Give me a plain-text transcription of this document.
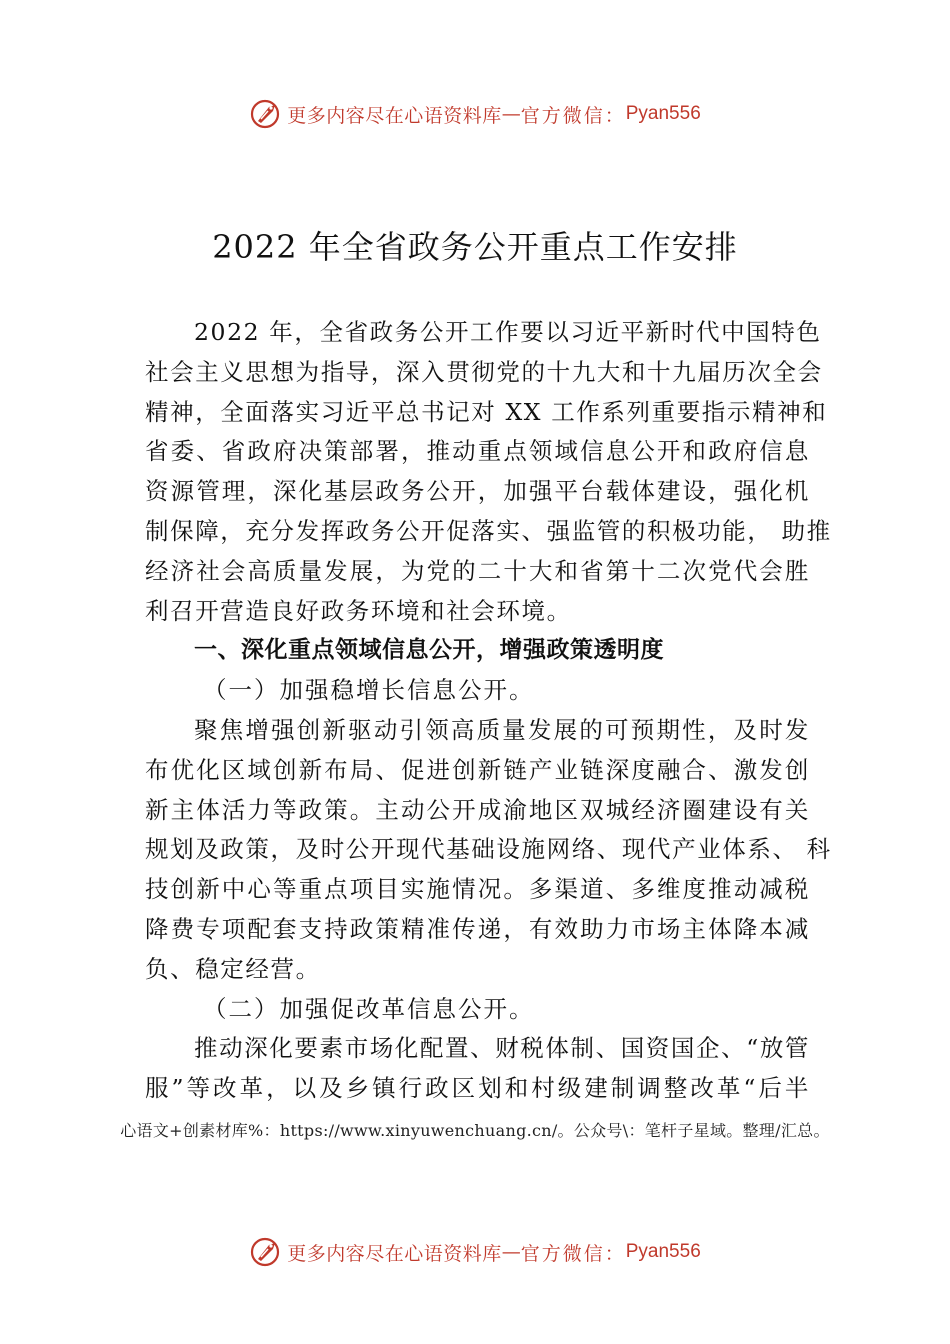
更多内容尽在心语资料库 — 官方微信： Pyan556
2022 年全省政务公开重点工作安排
2022 年，全省政务公开工作要以习近平新时代中国特色
社会主义思想为指导，深入贯彻党的十九大和十九届历次全会
精神，全面落实习近平总书记对 XX 工作系列重要指示精神和
省委、省政府决策部署，推动重点领域信息公开和政府信息
资源管理，深化基层政务公开，加强平台载体建设，强化机
制保障，充分发挥政务公开促落实、强监管的积极功能， 助推
经济社会高质量发展，为党的二十大和省第十二次党代会胜
利召开营造良好政务环境和社会环境。
一、深化重点领域信息公开，增强政策透明度
（一）加强稳增长信息公开。
聚焦增强创新驱动引领高质量发展的可预期性，及时发
布优化区域创新布局、促进创新链产业链深度融合、激发创
新主体活力等政策。主动公开成渝地区双城经济圈建设有关
规划及政策，及时公开现代基础设施网络、现代产业体系、 科
技创新中心等重点项目实施情况。多渠道、多维度推动减税
降费专项配套支持政策精准传递，有效助力市场主体降本减
负、稳定经营。
（二）加强促改革信息公开。
推动深化要素市场化配置、财税体制、国资国企、“放管
服”等改革，以及乡镇行政区划和村级建制调整改革“后半
心语文+创素材库%：https://www.xinyuwenchuang.cn/。公众号\：笔杆子星域。整理/汇总。
更多内容尽在心语资料库 — 官方微信： Pyan556
